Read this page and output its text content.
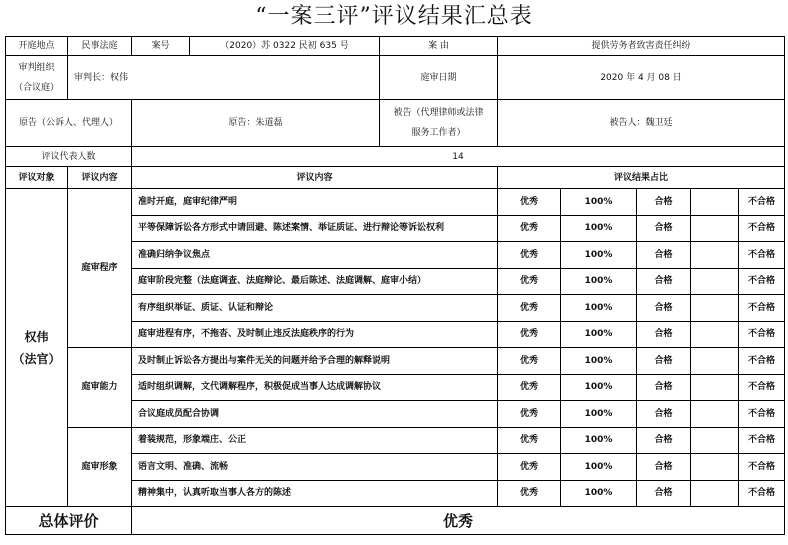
“一案三评”评议结果汇总表
开庭地点	民事法庭	案号	（2020）苏 0322 民初 635 号	案 由	提供劳务者致害责任纠纷				

审判组织
（合议庭）	审判长：权伟			庭审日期	2020 年 4 月 08 日				
原告（公诉人、代理人）		原告：朱道磊		被告（代理律师或法律
服务工作者）	被告人：魏卫廷				
评议代表人数		14							
评议对象	评议内容	评议内容			评议结果占比				

权伟
（法官）	庭审程序	准时开庭，庭审纪律严明			优秀	100%	合格		不合格
		平等保障诉讼各方形式中请回避、陈述案情、举证质证、进行辩论等诉讼权利			优秀	100%	合格		不合格
		准确归纳争议焦点			优秀	100%	合格		不合格
		庭审阶段完整（法庭调查、法庭辩论、最后陈述、法庭调解、庭审小结）			优秀	100%	合格		不合格
		有序组织举证、质证、认证和辩论			优秀	100%	合格		不合格
		庭审进程有序，不拖沓、及时制止违反法庭秩序的行为			优秀	100%	合格		不合格
	庭审能力	及时制止诉讼各方提出与案件无关的问题并给予合理的解释说明			优秀	100%	合格		不合格
		适时组织调解，文代调解程序，积极促成当事人达成调解协议			优秀	100%	合格		不合格
		合议庭成员配合协调			优秀	100%	合格		不合格
	庭审形象	着装规范，形象端庄、公正			优秀	100%	合格		不合格
		语言文明、准确、流畅			优秀	100%	合格		不合格
		精神集中，认真听取当事人各方的陈述			优秀	100%	合格		不合格
总体评价		优秀							
